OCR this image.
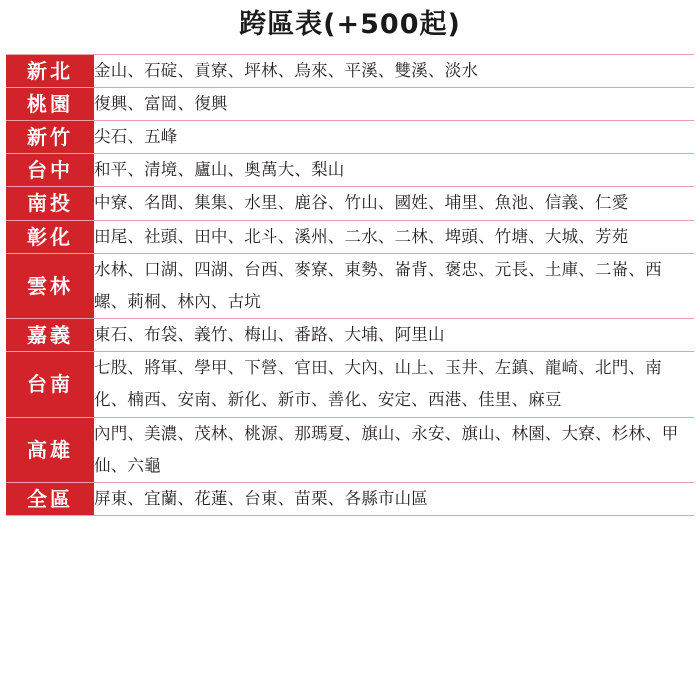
跨區表(+500起)
新北	金山、石碇、貢寮、坪林、烏來、平溪、雙溪、淡水
桃園	復興、富岡、復興
新竹	尖石、五峰
台中	和平、清境、廬山、奧萬大、梨山
南投	中寮、名間、集集、水里、鹿谷、竹山、國姓、埔里、魚池、信義、仁愛
彰化	田尾、社頭、田中、北斗、溪州、二水、二林、埤頭、竹塘、大城、芳苑
雲林	水林、口湖、四湖、台西、麥寮、東勢、崙背、褒忠、元長、土庫、二崙、西螺、莿桐、林內、古坑
嘉義	東石、布袋、義竹、梅山、番路、大埔、阿里山
台南	七股、將軍、學甲、下營、官田、大內、山上、玉井、左鎮、龍崎、北門、南化、楠西、安南、新化、新市、善化、安定、西港、佳里、麻豆
高雄	內門、美濃、茂林、桃源、那瑪夏、旗山、永安、旗山、林園、大寮、杉林、甲仙、六龜
全區	屏東、宜蘭、花蓮、台東、苗栗、各縣市山區
